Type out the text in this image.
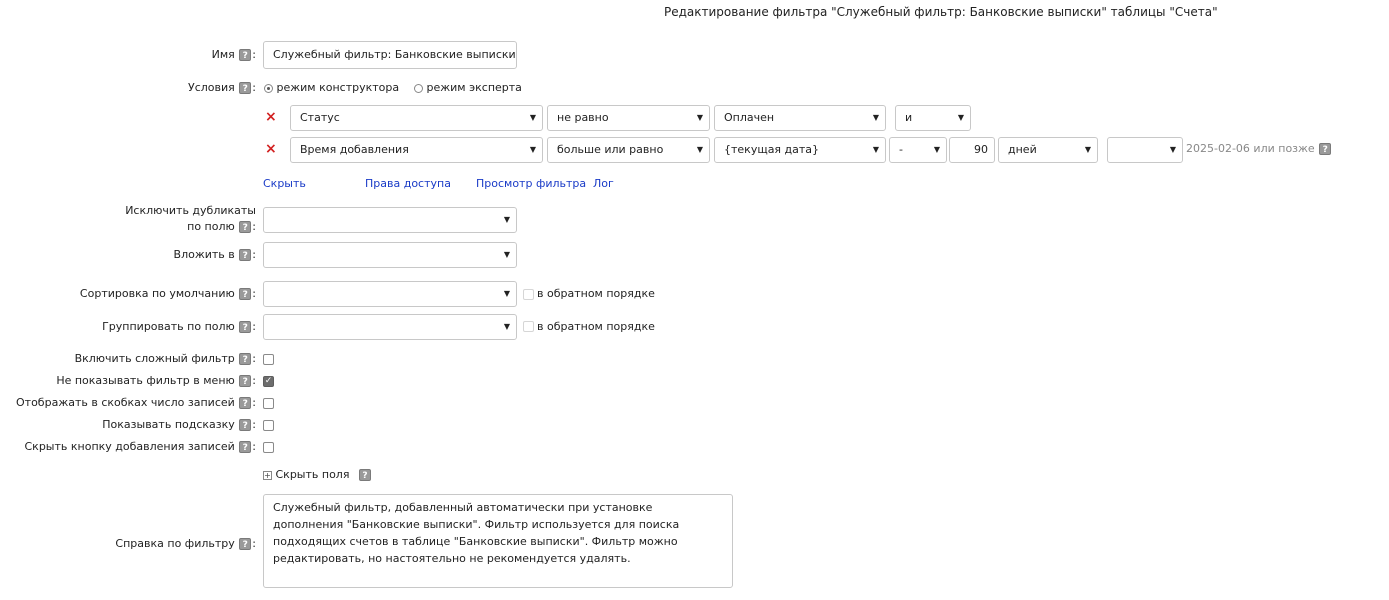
Редактирование фильтра "Служебный фильтр: Банковские выписки" таблицы "Счета"
Имя ? :	Служебный фильтр: Банковские выписки
Условия ? :	режим конструктора	режим эксперта
×	Статус	▼	не равно	▼	Оплачен	▼	и	▼
×	Время добавления	▼	больше или равно	▼	{текущая дата}	▼	-	▼	90	дней	▼	▼ 2025-02-06 или позже ?
Скрыть	Права доступа Просмотр фильтра Лог
Исключить дубликаты
по полю ? :
▼
Вложить в ? :	▼
Сортировка по умолчанию ? :	▼ в обратном порядке
Группировать по полю ? :	▼ в обратном порядке
Включить сложный фильтр ? :
Не показывать фильтр в меню ? : ✓
Отображать в скобках число записей ? :
Показывать подсказку ? :
Скрыть кнопку добавления записей ? :
+ Скрыть поля ?
Справка по фильтру ? :
Служебный фильтр, добавленный автоматически при установке дополнения "Банковские выписки". Фильтр используется для поиска подходящих счетов в таблице "Банковские выписки". Фильтр можно редактировать, но настоятельно не рекомендуется удалять.
